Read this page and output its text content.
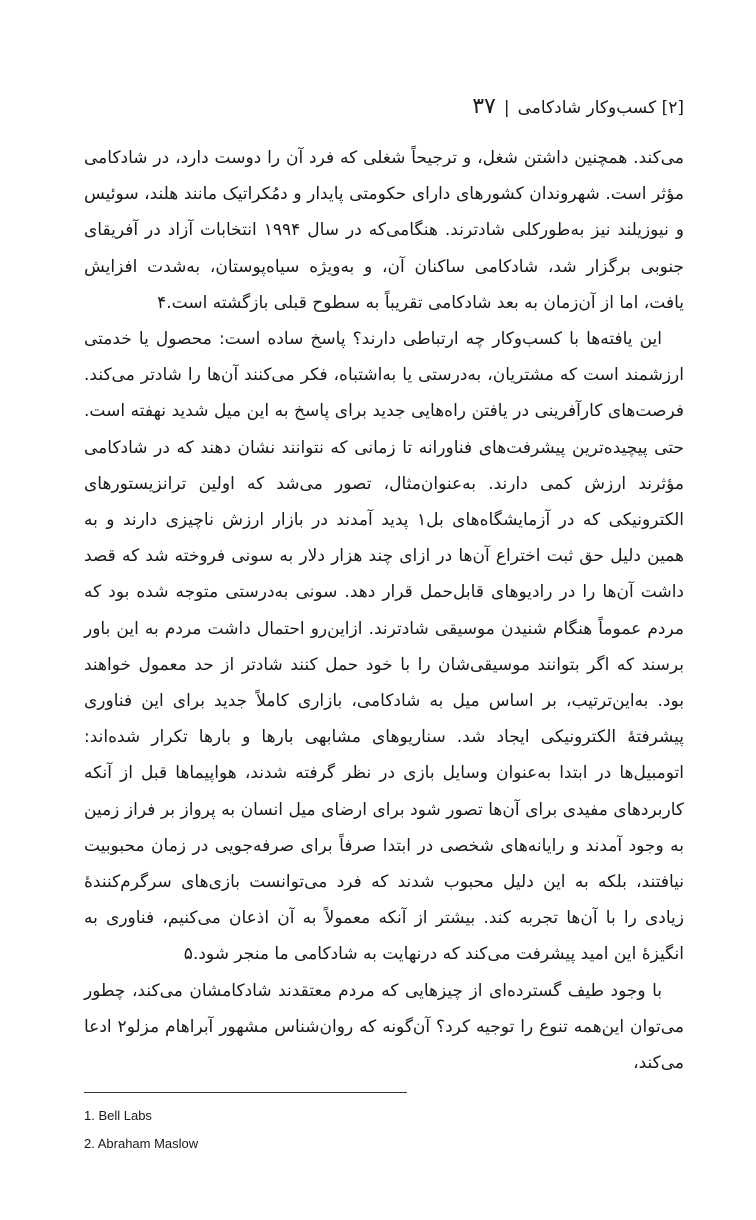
[۲] کسب‌وکار شادکامی|۳۷

می‌کند. همچنین داشتن شغل، و ترجیحاً شغلی که فرد آن را دوست دارد، در شادکامی مؤثر است. شهروندان کشورهای دارای حکومتی پایدار و دمُکراتیک مانند هلند، سوئیس و نیوزیلند نیز به‌طورکلی شادترند. هنگامی‌که در سال ۱۹۹۴ انتخابات آزاد در آفریقای جنوبی برگزار شد، شادکامی ساکنان آن، و به‌ویژه سیاه‌پوستان، به‌شدت افزایش یافت، اما از آن‌زمان به بعد شادکامی تقریباً به سطوح قبلی بازگشته است.۴

این یافته‌ها با کسب‌وکار چه ارتباطی دارند؟ پاسخ ساده است: محصول یا خدمتی ارزشمند است که مشتریان، به‌درستی یا به‌اشتباه، فکر می‌کنند آن‌ها را شادتر می‌کند. فرصت‌های کارآفرینی در یافتن راه‌هایی جدید برای پاسخ به این میل شدید نهفته است. حتی پیچیده‌ترین پیشرفت‌های فناورانه تا زمانی که نتوانند نشان دهند که در شادکامی مؤثرند ارزش کمی دارند. به‌عنوان‌مثال، تصور می‌شد که اولین ترانزیستورهای الکترونیکی که در آزمایشگاه‌های بل۱ پدید آمدند در بازار ارزش ناچیزی دارند و به همین دلیل حق ثبت اختراع آن‌ها در ازای چند هزار دلار به سونی فروخته شد که قصد داشت آن‌ها را در رادیوهای قابل‌حمل قرار دهد. سونی به‌درستی متوجه شده بود که مردم عموماً هنگام شنیدن موسیقی شادترند. ازاین‌رو احتمال داشت مردم به این باور برسند که اگر بتوانند موسیقی‌شان را با خود حمل کنند شادتر از حد معمول خواهند بود. به‌این‌ترتیب، بر اساس میل به شادکامی، بازاری کاملاً جدید برای این فناوری پیشرفتهٔ الکترونیکی ایجاد شد. سناریوهای مشابهی بارها و بارها تکرار شده‌اند: اتومبیل‌ها در ابتدا به‌عنوان وسایل بازی در نظر گرفته شدند، هواپیماها قبل از آنکه کاربردهای مفیدی برای آن‌ها تصور شود برای ارضای میل انسان به پرواز بر فراز زمین به وجود آمدند و رایانه‌های شخصی در ابتدا صرفاً برای صرفه‌جویی در زمان محبوبیت نیافتند، بلکه به این دلیل محبوب شدند که فرد می‌توانست بازی‌های سرگرم‌کنندهٔ زیادی را با آن‌ها تجربه کند. بیشتر از آنکه معمولاً به آن اذعان می‌کنیم، فناوری به انگیزهٔ این امید پیشرفت می‌کند که درنهایت به شادکامی ما منجر شود.۵

با وجود طیف گسترده‌ای از چیزهایی که مردم معتقدند شادکامشان می‌کند، چطور می‌توان این‌همه تنوع را توجیه کرد؟ آن‌گونه که روان‌شناس مشهور آبراهام مزلو۲ ادعا می‌کند،

1. Bell Labs
2. Abraham Maslow
